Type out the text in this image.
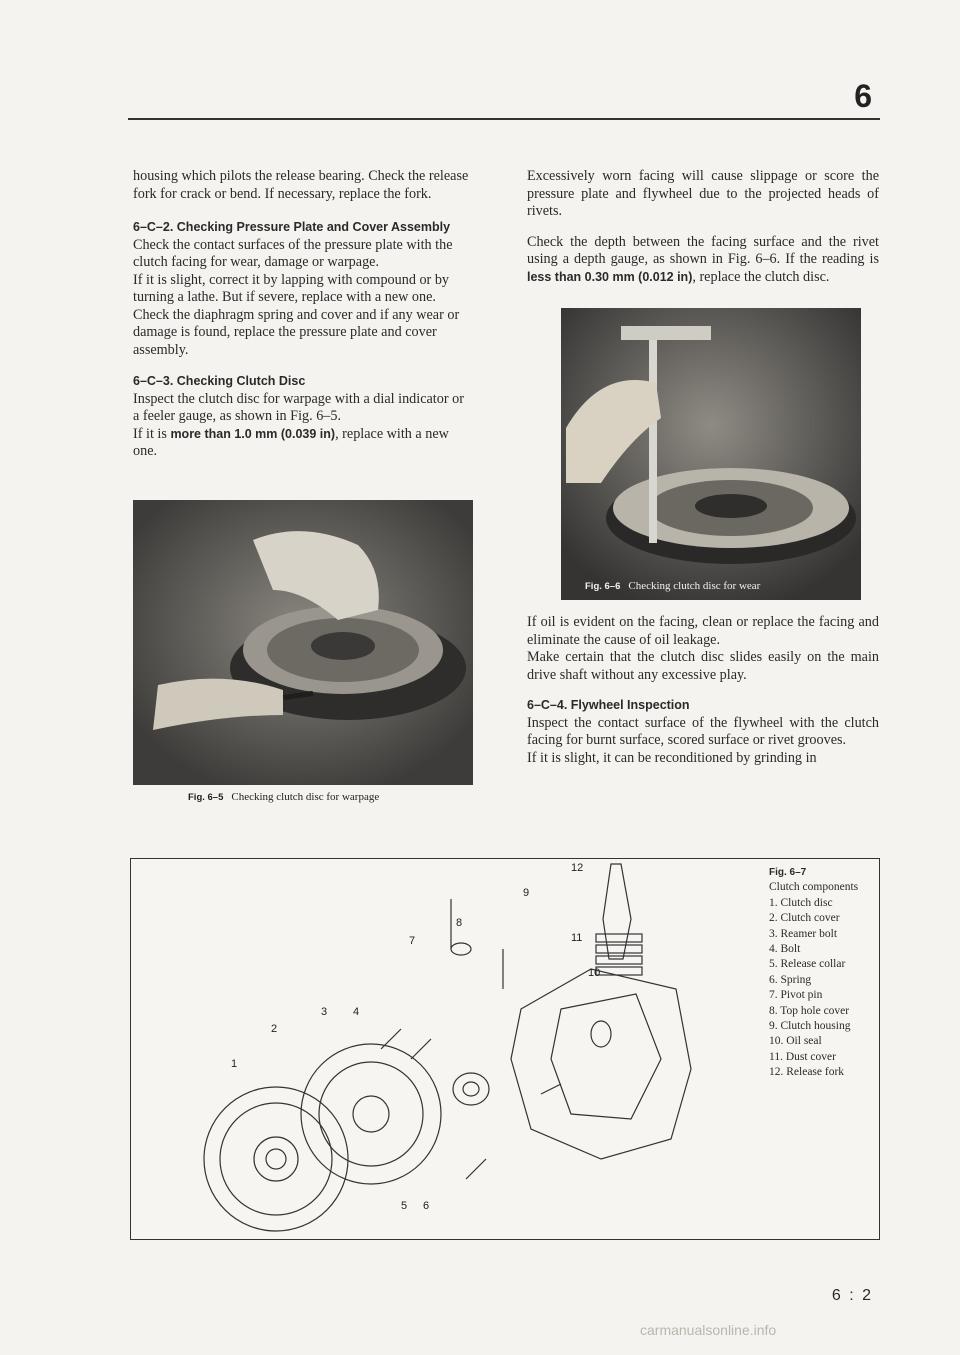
6

housing which pilots the release bearing. Check the release fork for crack or bend. If necessary, replace the fork.

6–C–2. Checking Pressure Plate and Cover Assembly
Check the contact surfaces of the pressure plate with the clutch facing for wear, damage or warpage.
If it is slight, correct it by lapping with compound or by turning a lathe. But if severe, replace with a new one.
Check the diaphragm spring and cover and if any wear or damage is found, replace the pressure plate and cover assembly.

6–C–3. Checking Clutch Disc
Inspect the clutch disc for warpage with a dial indicator or a feeler gauge, as shown in Fig. 6–5.
If it is more than 1.0 mm (0.039 in), replace with a new one.

Fig. 6–5 Checking clutch disc for warpage

Excessively worn facing will cause slippage or score the pressure plate and flywheel due to the projected heads of rivets.

Check the depth between the facing surface and the rivet using a depth gauge, as shown in Fig. 6–6. If the reading is less than 0.30 mm (0.012 in), replace the clutch disc.

Fig. 6–6 Checking clutch disc for wear

If oil is evident on the facing, clean or replace the facing and eliminate the cause of oil leakage.

Make certain that the clutch disc slides easily on the main drive shaft without any excessive play.

6–C–4. Flywheel Inspection
Inspect the contact surface of the flywheel with the clutch facing for burnt surface, scored surface or rivet grooves.
If it is slight, it can be reconditioned by grinding in

1
2
3 4
5 6
7
8
9
10
11
12	Fig. 6–7
Clutch components
1. Clutch disc
2. Clutch cover
3. Reamer bolt
4. Bolt
5. Release collar
6. Spring
7. Pivot pin
8. Top hole cover
9. Clutch housing
10. Oil seal
11. Dust cover
12. Release fork
6 : 2
carmanualsonline.info
